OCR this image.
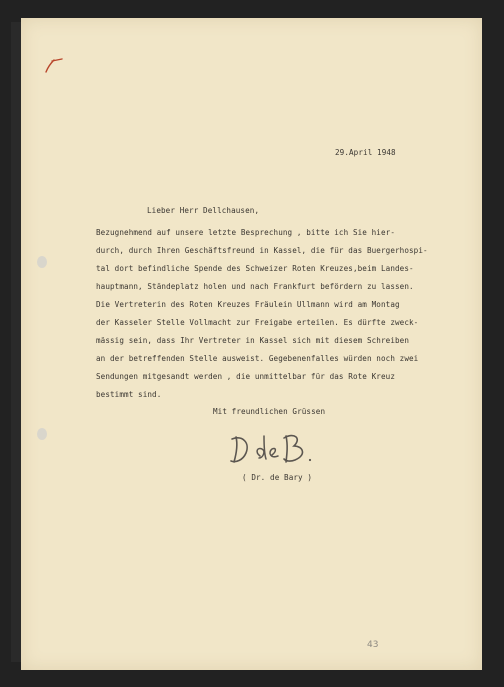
29.April 1948
Lieber Herr Dellchausen,
Bezugnehmend auf unsere letzte Besprechung , bitte ich Sie hier-
durch, durch Ihren Geschäftsfreund in Kassel, die für das Buergerhospi-
tal dort befindliche Spende des Schweizer Roten Kreuzes,beim Landes-
hauptmann, Ständeplatz holen und nach Frankfurt befördern zu lassen.
Die Vertreterin des Roten Kreuzes Fräulein Ullmann wird am Montag
der Kasseler Stelle Vollmacht zur Freigabe erteilen. Es dürfte zweck-
mässig sein, dass Ihr Vertreter in Kassel sich mit diesem Schreiben
an der betreffenden Stelle ausweist. Gegebenenfalles würden noch zwei
Sendungen mitgesandt werden , die unmittelbar für das Rote Kreuz
bestimmt sind.
Mit freundlichen Grüssen
( Dr. de Bary )
43
